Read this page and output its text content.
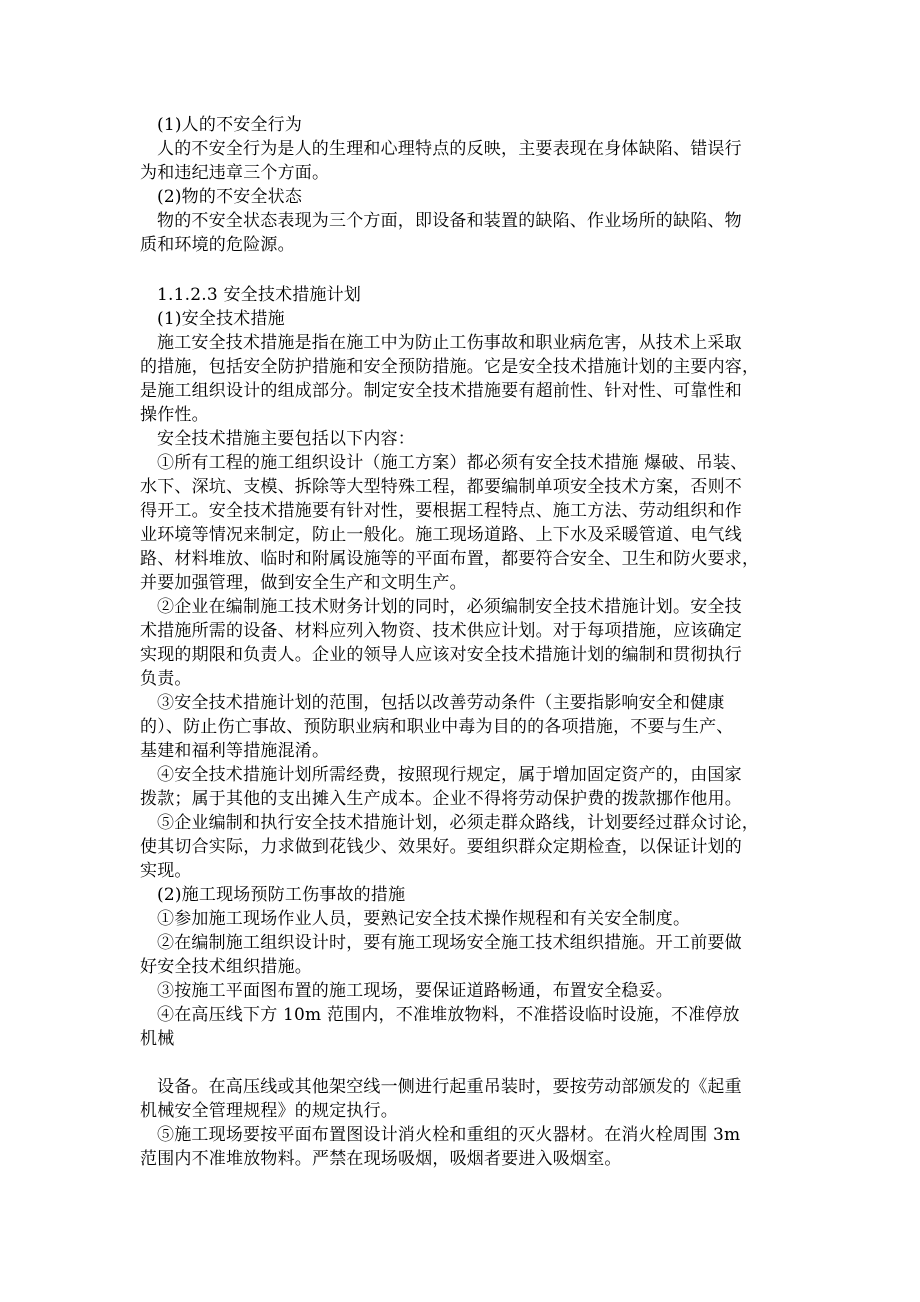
(1)人的不安全行为
人的不安全行为是人的生理和心理特点的反映，主要表现在身体缺陷、错误行
为和违纪违章三个方面。
(2)物的不安全状态
物的不安全状态表现为三个方面，即设备和装置的缺陷、作业场所的缺陷、物
质和环境的危险源。
1.1.2.3 安全技术措施计划
(1)安全技术措施
施工安全技术措施是指在施工中为防止工伤事故和职业病危害，从技术上采取
的措施，包括安全防护措施和安全预防措施。它是安全技术措施计划的主要内容，
是施工组织设计的组成部分。制定安全技术措施要有超前性、针对性、可靠性和
操作性。
安全技术措施主要包括以下内容：
①所有工程的施工组织设计（施工方案）都必须有安全技术措施 爆破、吊装、
水下、深坑、支模、拆除等大型特殊工程，都要编制单项安全技术方案，否则不
得开工。安全技术措施要有针对性，要根据工程特点、施工方法、劳动组织和作
业环境等情况来制定，防止一般化。施工现场道路、上下水及采暖管道、电气线
路、材料堆放、临时和附属设施等的平面布置，都要符合安全、卫生和防火要求，
并要加强管理，做到安全生产和文明生产。
②企业在编制施工技术财务计划的同时，必须编制安全技术措施计划。安全技
术措施所需的设备、材料应列入物资、技术供应计划。对于每项措施，应该确定
实现的期限和负责人。企业的领导人应该对安全技术措施计划的编制和贯彻执行
负责。
③安全技术措施计划的范围，包括以改善劳动条件（主要指影响安全和健康
的）、防止伤亡事故、预防职业病和职业中毒为目的的各项措施，不要与生产、
基建和福利等措施混淆。
④安全技术措施计划所需经费，按照现行规定，属于增加固定资产的，由国家
拨款；属于其他的支出摊入生产成本。企业不得将劳动保护费的拨款挪作他用。
⑤企业编制和执行安全技术措施计划，必须走群众路线，计划要经过群众讨论，
使其切合实际，力求做到花钱少、效果好。要组织群众定期检查，以保证计划的
实现。
(2)施工现场预防工伤事故的措施
①参加施工现场作业人员，要熟记安全技术操作规程和有关安全制度。
②在编制施工组织设计时，要有施工现场安全施工技术组织措施。开工前要做
好安全技术组织措施。
③按施工平面图布置的施工现场，要保证道路畅通，布置安全稳妥。
④在高压线下方 10m 范围内，不准堆放物料，不准搭设临时设施，不准停放
机械
设备。在高压线或其他架空线一侧进行起重吊装时，要按劳动部颁发的《起重
机械安全管理规程》的规定执行。
⑤施工现场要按平面布置图设计消火栓和重组的灭火器材。在消火栓周围 3m
范围内不准堆放物料。严禁在现场吸烟，吸烟者要进入吸烟室。
